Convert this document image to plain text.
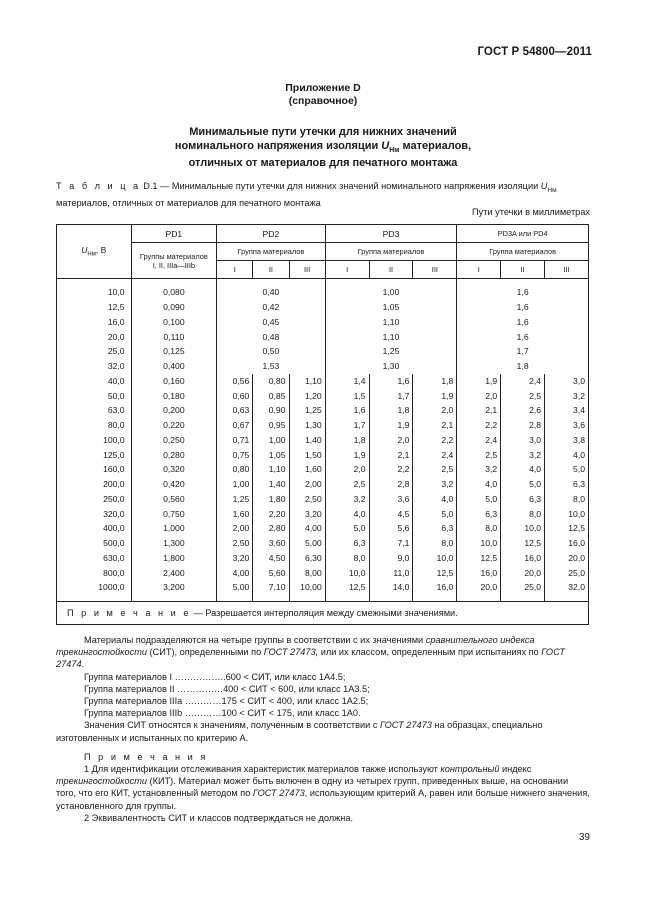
ГОСТ Р 54800—2011
Приложение D
(справочное)
Минимальные пути утечки для нижних значений
номинального напряжения изоляции $U_{Нм}$ материалов,
отличных от материалов для печатного монтажа
Т а б л и ц а D.1 — Минимальные пути утечки для нижних значений номинального напряжения изоляции $U_{Нм}$
материалов, отличных от материалов для печатного монтажа
Пути утечки в миллиметрах
$U_{Нм}$, В	PD1	PD2			PD3			PD3A или PD4		

	Группы материалов
I, II, IIIa—IIIb	Группа материалов			Группа материалов			Группа материалов		
		I	II	III	I	II	III	I	II	III

10,0	0,080	0,40			1,00			1,6		
12,5	0,090	0,42			1,05			1,6		
16,0	0,100	0,45			1,10			1,6		
20,0	0,110	0,48			1,10			1,6		
25,0	0,125	0,50			1,25			1,7		
32,0	0,400	1,53			1,30			1,8		
40,0	0,160	0,56	0,80	1,10	1,4	1,6	1,8	1,9	2,4	3,0
50,0	0,180	0,60	0,85	1,20	1,5	1,7	1,9	2,0	2,5	3,2
63,0	0,200	0,63	0,90	1,25	1,6	1,8	2,0	2,1	2,6	3,4
80,0	0,220	0,67	0,95	1,30	1,7	1,9	2,1	2,2	2,8	3,6
100,0	0,250	0,71	1,00	1,40	1,8	2,0	2,2	2,4	3,0	3,8
125,0	0,280	0,75	1,05	1,50	1,9	2,1	2,4	2,5	3,2	4,0
160,0	0,320	0,80	1,10	1,60	2,0	2,2	2,5	3,2	4,0	5,0
200,0	0,420	1,00	1,40	2,00	2,5	2,8	3,2	4,0	5,0	6,3
250,0	0,560	1,25	1,80	2,50	3,2	3,6	4,0	5,0	6,3	8,0
320,0	0,750	1,60	2,20	3,20	4,0	4,5	5,0	6,3	8,0	10,0
400,0	1,000	2,00	2,80	4,00	5,0	5,6	6,3	8,0	10,0	12,5
500,0	1,300	2,50	3,60	5,00	6,3	7,1	8,0	10,0	12,5	16,0
630,0	1,800	3,20	4,50	6,30	8,0	9,0	10,0	12,5	16,0	20,0
800,0	2,400	4,00	5,60	8,00	10,0	11,0	12,5	16,0	20,0	25,0
1000,0	3,200	5,00	7,10	10,00	12,5	14,0	16,0	20,0	25,0	32,0

П р и м е ч а н и е — Разрешается интерполяция между смежными значениями.										

Материалы подразделяются на четыре группы в соответствии с их значениями сравнительного индекса трекингостойкости (СИТ), определенными по ГОСТ 27473, или их классом, определенным при испытаниях по ГОСТ 27474.

Группа материалов I ……………..600 < СИТ, или класс 1А4.5;

Группа материалов II ……………400 < СИТ < 600, или класс 1А3.5;

Группа материалов IIIa …………175 < СИТ < 400, или класс 1А2.5;

Группа материалов IIIb …………100 < СИТ < 175, или класс 1А0.

Значения СИТ относятся к значениям, полученным в соответствии с ГОСТ 27473 на образцах, специально изготовленных и испытанных по критерию А.

П р и м е ч а н и я

1 Для идентификации отслеживания характеристик материалов также используют контрольный индекс трекингостойкости (КИТ). Материал может быть включен в одну из четырех групп, приведенных выше, на основании того, что его КИТ, установленный методом по ГОСТ 27473, использующим критерий А, равен или больше нижнего значения, установленного для группы.

2 Эквивалентность СИТ и классов подтверждаться не должна.

39
